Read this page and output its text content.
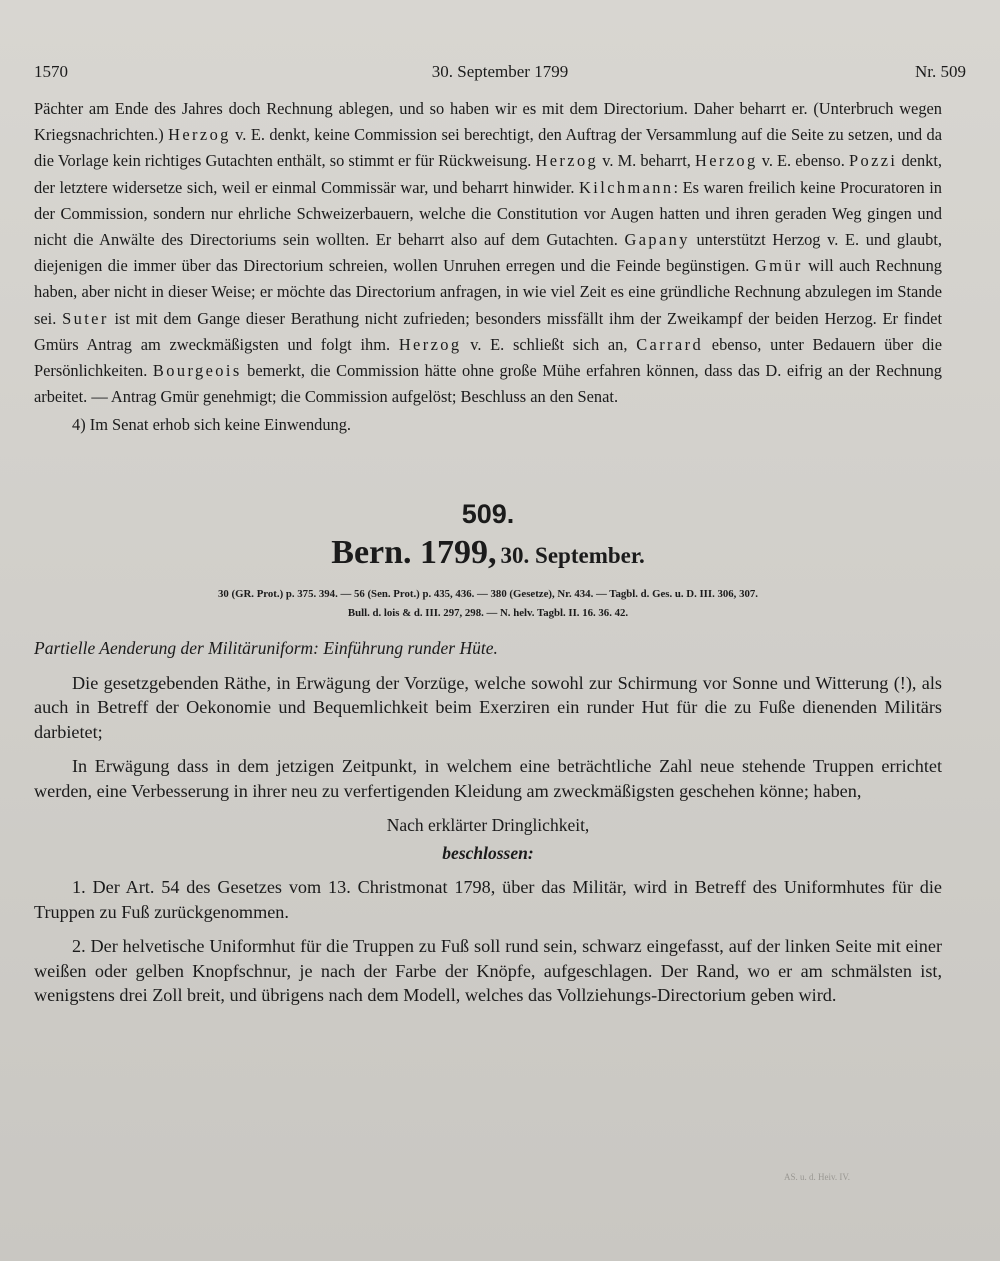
1570	30. September 1799	Nr. 509

Pächter am Ende des Jahres doch Rechnung ablegen, und so haben wir es mit dem Directorium. Daher beharrt er. (Unterbruch wegen Kriegsnachrichten.) Herzog v. E. denkt, keine Commission sei berechtigt, den Auftrag der Versammlung auf die Seite zu setzen, und da die Vorlage kein richtiges Gutachten enthält, so stimmt er für Rückweisung. Herzog v. M. beharrt, Herzog v. E. ebenso. Pozzi denkt, der letztere widersetze sich, weil er einmal Commissär war, und beharrt hinwider. Kilchmann: Es waren freilich keine Procuratoren in der Commission, sondern nur ehrliche Schweizerbauern, welche die Constitution vor Augen hatten und ihren geraden Weg gingen und nicht die Anwälte des Directoriums sein wollten. Er beharrt also auf dem Gutachten. Gapany unterstützt Herzog v. E. und glaubt, diejenigen die immer über das Directorium schreien, wollen Unruhen erregen und die Feinde begünstigen. Gmür will auch Rechnung haben, aber nicht in dieser Weise; er möchte das Directorium anfragen, in wie viel Zeit es eine gründliche Rechnung abzulegen im Stande sei. Suter ist mit dem Gange dieser Berathung nicht zufrieden; besonders missfällt ihm der Zweikampf der beiden Herzog. Er findet Gmürs Antrag am zweckmäßigsten und folgt ihm. Herzog v. E. schließt sich an, Carrard ebenso, unter Bedauern über die Persönlichkeiten. Bourgeois bemerkt, die Commission hätte ohne große Mühe erfahren können, dass das D. eifrig an der Rechnung arbeitet. — Antrag Gmür genehmigt; die Commission aufgelöst; Beschluss an den Senat.

4) Im Senat erhob sich keine Einwendung.

509.
Bern. 1799, 30. September.
30 (GR. Prot.) p. 375. 394. — 56 (Sen. Prot.) p. 435, 436. — 380 (Gesetze), Nr. 434. — Tagbl. d. Ges. u. D. III. 306, 307.
Bull. d. lois & d. III. 297, 298. — N. helv. Tagbl. II. 16. 36. 42.
Partielle Aenderung der Militäruniform: Einführung runder Hüte.

Die gesetzgebenden Räthe, in Erwägung der Vorzüge, welche sowohl zur Schirmung vor Sonne und Witterung (!), als auch in Betreff der Oekonomie und Bequemlichkeit beim Exerziren ein runder Hut für die zu Fuße dienenden Militärs darbietet;

In Erwägung dass in dem jetzigen Zeitpunkt, in welchem eine beträchtliche Zahl neue stehende Truppen errichtet werden, eine Verbesserung in ihrer neu zu verfertigenden Kleidung am zweckmäßigsten geschehen könne; haben,

Nach erklärter Dringlichkeit,
beschlossen:

1. Der Art. 54 des Gesetzes vom 13. Christmonat 1798, über das Militär, wird in Betreff des Uniformhutes für die Truppen zu Fuß zurückgenommen.

2. Der helvetische Uniformhut für die Truppen zu Fuß soll rund sein, schwarz eingefasst, auf der linken Seite mit einer weißen oder gelben Knopfschnur, je nach der Farbe der Knöpfe, aufgeschlagen. Der Rand, wo er am schmälsten ist, wenigstens drei Zoll breit, und übrigens nach dem Modell, welches das Vollziehungs-Directorium geben wird.

AS. u. d. Heiv. IV.
